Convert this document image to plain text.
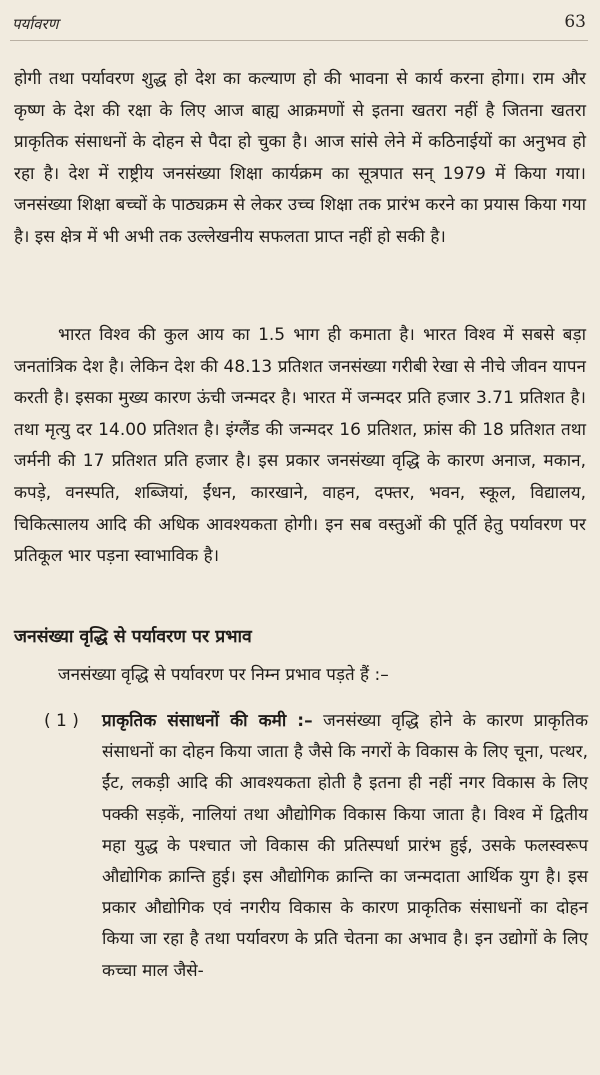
पर्यावरण	63

होगी तथा पर्यावरण शुद्ध हो देश का कल्याण हो की भावना से कार्य करना होगा। राम और कृष्ण के देश की रक्षा के लिए आज बाह्य आक्रमणों से इतना खतरा नहीं है जितना खतरा प्राकृतिक संसाधनों के दोहन से पैदा हो चुका है। आज सांसे लेने में कठिनाईयों का अनुभव हो रहा है। देश में राष्ट्रीय जनसंख्या शिक्षा कार्यक्रम का सूत्रपात सन् 1979 में किया गया। जनसंख्या शिक्षा बच्चों के पाठ्यक्रम से लेकर उच्च शिक्षा तक प्रारंभ करने का प्रयास किया गया है। इस क्षेत्र में भी अभी तक उल्लेखनीय सफलता प्राप्त नहीं हो सकी है।

भारत विश्व की कुल आय का 1.5 भाग ही कमाता है। भारत विश्व में सबसे बड़ा जनतांत्रिक देश है। लेकिन देश की 48.13 प्रतिशत जनसंख्या गरीबी रेखा से नीचे जीवन यापन करती है। इसका मुख्य कारण ऊंची जन्मदर है। भारत में जन्मदर प्रति हजार 3.71 प्रतिशत है। तथा मृत्यु दर 14.00 प्रतिशत है। इंग्लैंड की जन्मदर 16 प्रतिशत, फ्रांस की 18 प्रतिशत तथा जर्मनी की 17 प्रतिशत प्रति हजार है। इस प्रकार जनसंख्या वृद्धि के कारण अनाज, मकान, कपड़े, वनस्पति, शब्जियां, ईंधन, कारखाने, वाहन, दफ्तर, भवन, स्कूल, विद्यालय, चिकित्सालय आदि की अधिक आवश्यकता होगी। इन सब वस्तुओं की पूर्ति हेतु पर्यावरण पर प्रतिकूल भार पड़ना स्वाभाविक है।

जनसंख्या वृद्धि से पर्यावरण पर प्रभाव

जनसंख्या वृद्धि से पर्यावरण पर निम्न प्रभाव पड़ते हैं :–

( 1 )	प्राकृतिक संसाधनों की कमी :– जनसंख्या वृद्धि होने के कारण प्राकृतिक संसाधनों का दोहन किया जाता है जैसे कि नगरों के विकास के लिए चूना, पत्थर, ईंट, लकड़ी आदि की आवश्यकता होती है इतना ही नहीं नगर विकास के लिए पक्की सड़कें, नालियां तथा औद्योगिक विकास किया जाता है। विश्व में द्वितीय महा युद्ध के पश्चात जो विकास की प्रतिस्पर्धा प्रारंभ हुई, उसके फलस्वरूप औद्योगिक क्रान्ति हुई। इस औद्योगिक क्रान्ति का जन्मदाता आर्थिक युग है। इस प्रकार औद्योगिक एवं नगरीय विकास के कारण प्राकृतिक संसाधनों का दोहन किया जा रहा है तथा पर्यावरण के प्रति चेतना का अभाव है। इन उद्योगों के लिए कच्चा माल जैसे-
